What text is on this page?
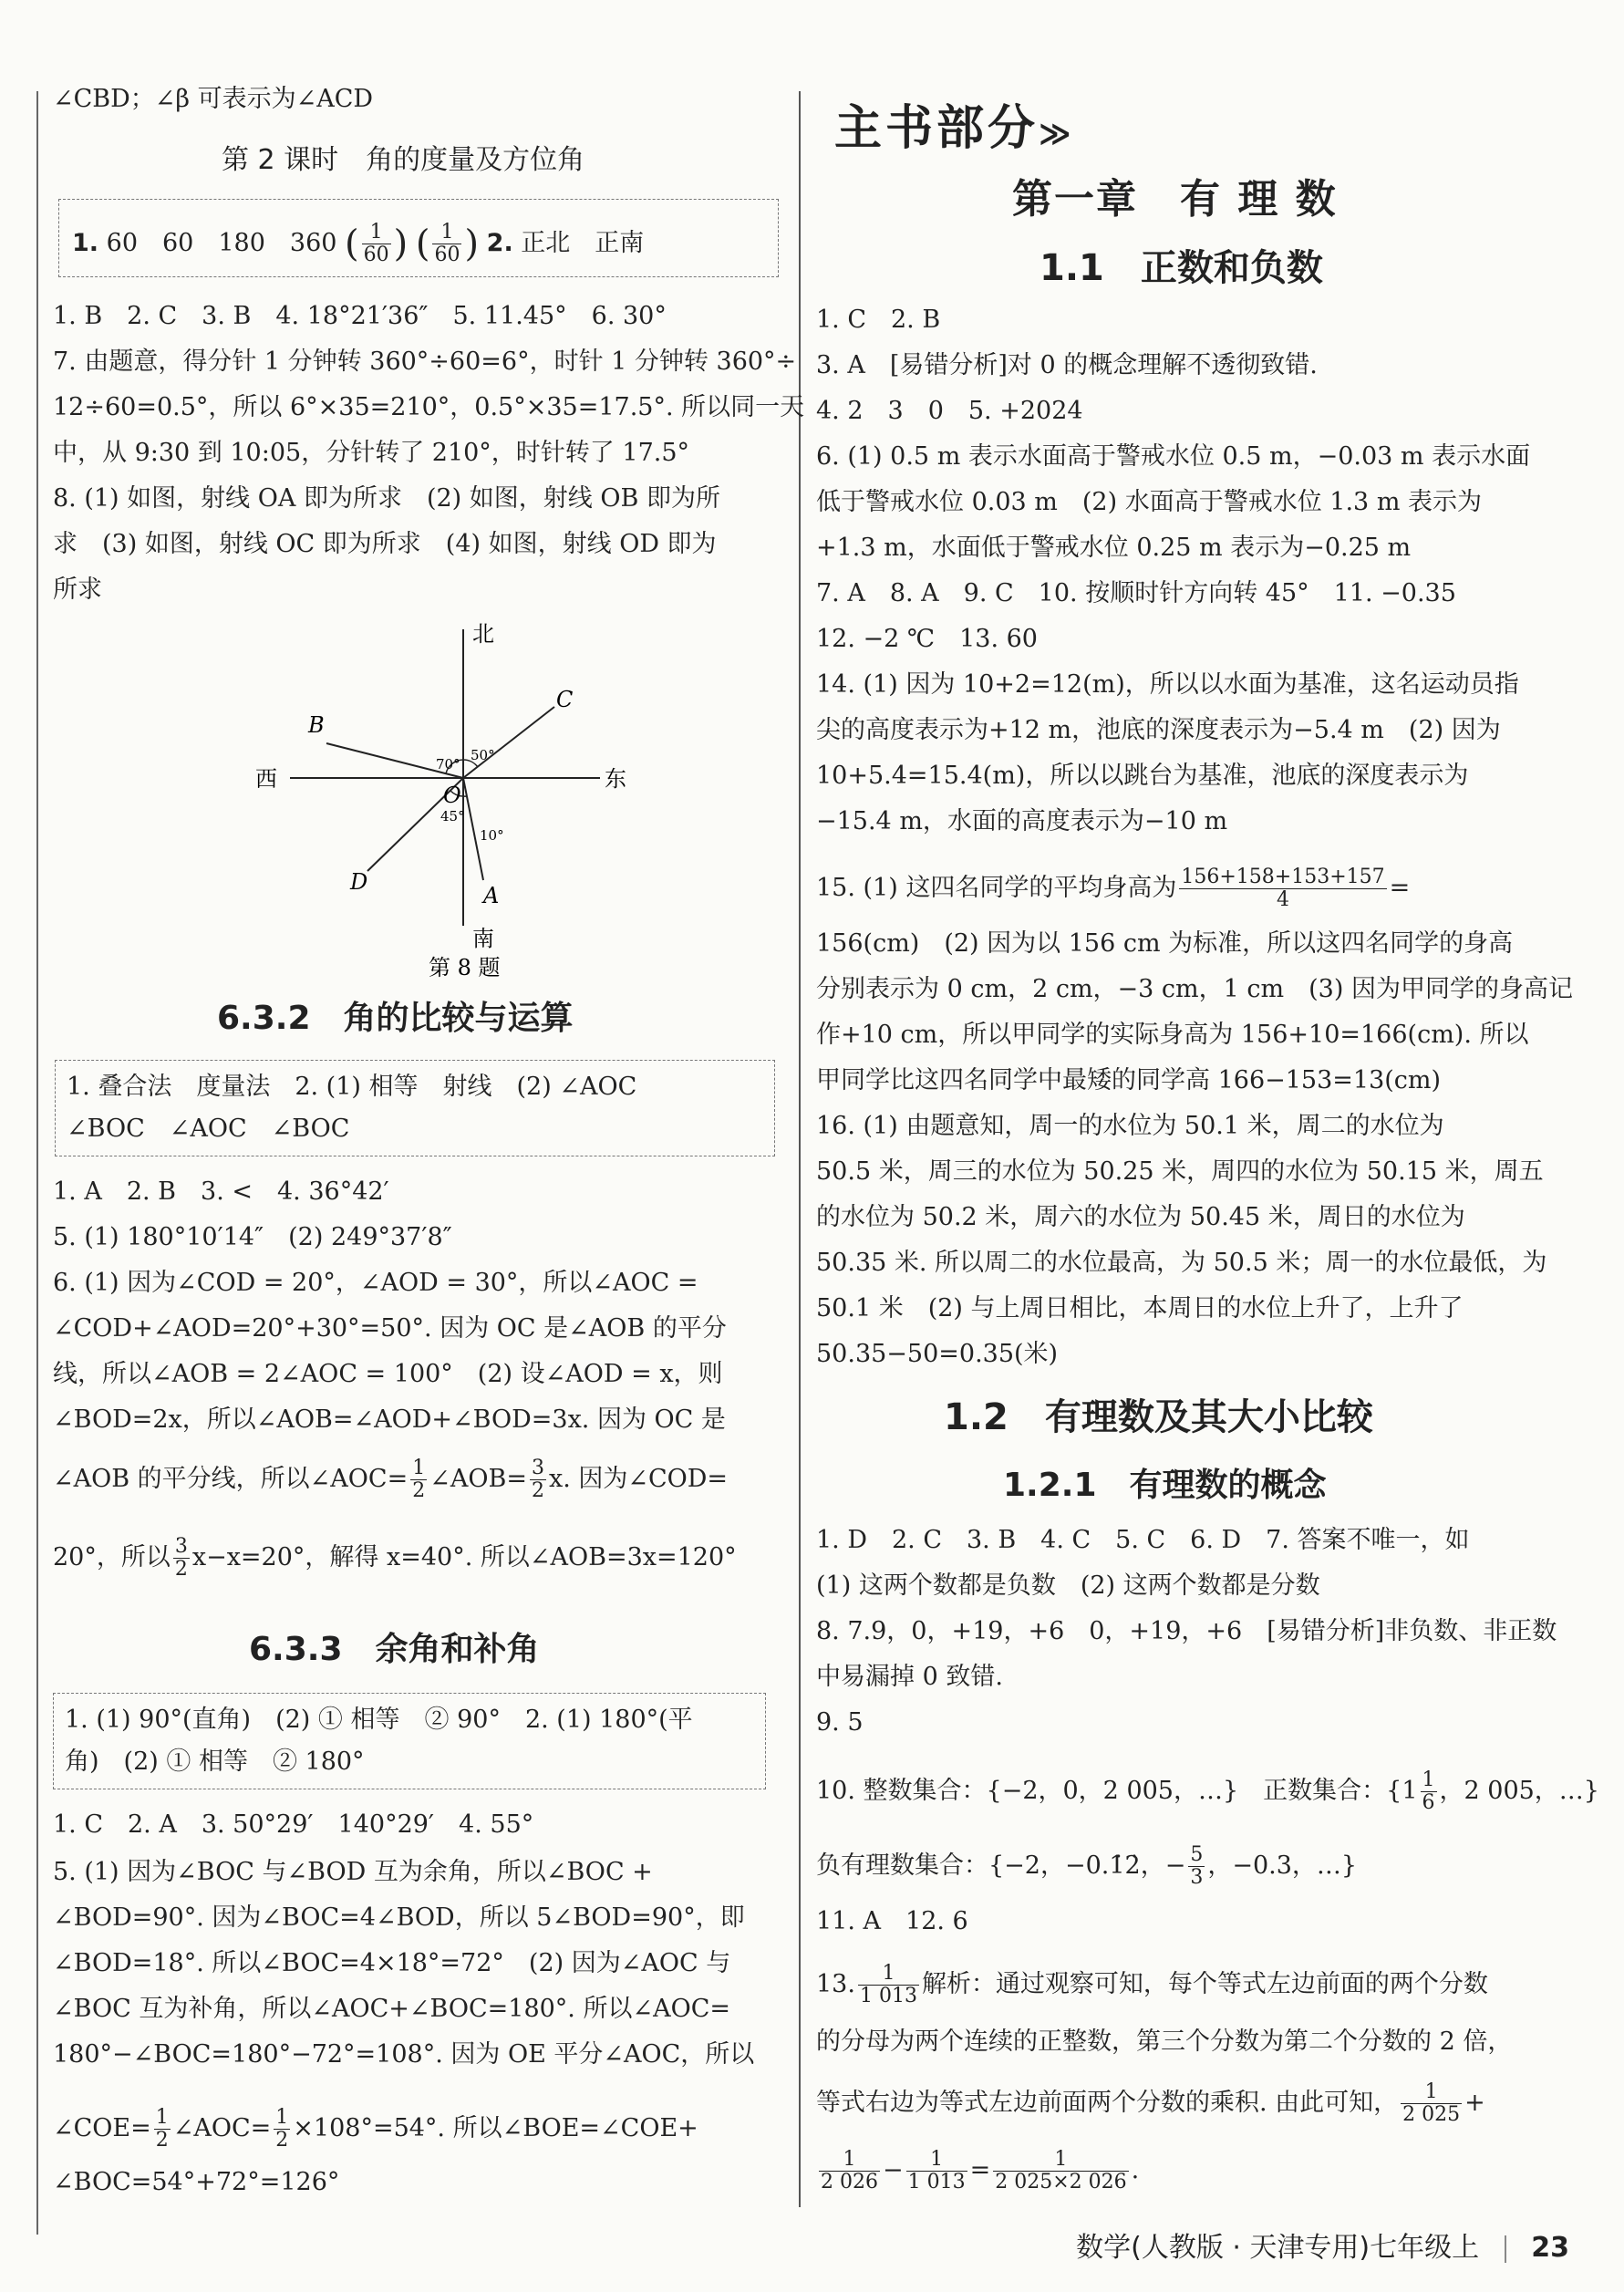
∠CBD；∠β 可表示为∠ACD
第 2 课时　角的度量及方位角
1. 60　60　180　360 ( $\frac{1}{60}$ ) ( $\frac{1}{60}$ ) 2. 正北　正南
1. B　2. C　3. B　4. 18°21′36″　5. 11.45°　6. 30°
7. 由题意，得分针 1 分钟转 360°÷60=6°，时针 1 分钟转 360°÷
12÷60=0.5°，所以 6°×35=210°，0.5°×35=17.5°. 所以同一天
中，从 9:30 到 10:05，分针转了 210°，时针转了 17.5°
8. (1) 如图，射线 OA 即为所求　(2) 如图，射线 OB 即为所
求　(3) 如图，射线 OC 即为所求　(4) 如图，射线 OD 即为
所求
北
南
东
西
C
B
D
A
O
70°
50°
45°
10°
第 8 题
6.3.2　角的比较与运算
1. 叠合法　度量法　2. (1) 相等　射线　(2) ∠AOC
∠BOC　∠AOC　∠BOC
1. A　2. B　3. <　4. 36°42′
5. (1) 180°10′14″　(2) 249°37′8″
6. (1) 因为∠COD = 20°，∠AOD = 30°，所以∠AOC =
∠COD+∠AOD=20°+30°=50°. 因为 OC 是∠AOB 的平分
线，所以∠AOB = 2∠AOC = 100°　(2) 设∠AOD = x，则
∠BOD=2x，所以∠AOB=∠AOD+∠BOD=3x. 因为 OC 是
∠AOB 的平分线，所以∠AOC= $\frac{1}{2}$ ∠AOB= $\frac{3}{2} x$. 因为∠COD=
20°，所以 $\frac{3}{2} x-x=20^\circ$，解得 x=40°. 所以∠AOB=3x=120°
6.3.3　余角和补角
1. (1) 90°(直角)　(2) ① 相等　② 90°　2. (1) 180°(平
角)　(2) ① 相等　② 180°
1. C　2. A　3. 50°29′　140°29′　4. 55°
5. (1) 因为∠BOC 与∠BOD 互为余角，所以∠BOC +
∠BOD=90°. 因为∠BOC=4∠BOD，所以 5∠BOD=90°，即
∠BOD=18°. 所以∠BOC=4×18°=72°　(2) 因为∠AOC 与
∠BOC 互为补角，所以∠AOC+∠BOC=180°. 所以∠AOC=
180°−∠BOC=180°−72°=108°. 因为 OE 平分∠AOC，所以
∠COE= $\frac{1}{2}$ ∠AOC= $\frac{1}{2} \times 108^\circ=54^\circ$. 所以∠BOE=∠COE+
∠BOC=54°+72°=126°
主书部分≫
第一章　有 理 数
1.1　正数和负数
1. C　2. B
3. A　[易错分析]对 0 的概念理解不透彻致错.
4. 2　3　0　5. +2024
6. (1) 0.5 m 表示水面高于警戒水位 0.5 m，−0.03 m 表示水面
低于警戒水位 0.03 m　(2) 水面高于警戒水位 1.3 m 表示为
+1.3 m，水面低于警戒水位 0.25 m 表示为−0.25 m
7. A　8. A　9. C　10. 按顺时针方向转 45°　11. −0.35
12. −2 ℃　13. 60
14. (1) 因为 10+2=12(m)，所以以水面为基准，这名运动员指
尖的高度表示为+12 m，池底的深度表示为−5.4 m　(2) 因为
10+5.4=15.4(m)，所以以跳台为基准，池底的深度表示为
−15.4 m，水面的高度表示为−10 m
15. (1) 这四名同学的平均身高为 $\frac{156+158+153+157}{4}$ =
156(cm)　(2) 因为以 156 cm 为标准，所以这四名同学的身高
分别表示为 0 cm，2 cm，−3 cm，1 cm　(3) 因为甲同学的身高记
作+10 cm，所以甲同学的实际身高为 156+10=166(cm). 所以
甲同学比这四名同学中最矮的同学高 166−153=13(cm)
16. (1) 由题意知，周一的水位为 50.1 米，周二的水位为
50.5 米，周三的水位为 50.25 米，周四的水位为 50.15 米，周五
的水位为 50.2 米，周六的水位为 50.45 米，周日的水位为
50.35 米. 所以周二的水位最高，为 50.5 米；周一的水位最低，为
50.1 米　(2) 与上周日相比，本周日的水位上升了，上升了
50.35−50=0.35(米)
1.2　有理数及其大小比较
1.2.1　有理数的概念
1. D　2. C　3. B　4. C　5. C　6. D　7. 答案不唯一，如
(1) 这两个数都是负数　(2) 这两个数都是分数
8. 7.9，0，+19，+6　0，+19，+6　[易错分析]非负数、非正数
中易漏掉 0 致错.
9. 5
10. 整数集合：{−2，0，2 005，…}　正数集合：{$1 \frac{1}{6}$ ，2 005，…}
负有理数集合：{−2，−0.1̇2̇，− $\frac{5}{3}$ ，−0.3，…}
11. A　12. 6
13. $\frac{1}{1 013}$ 解析：通过观察可知，每个等式左边前面的两个分数
的分母为两个连续的正整数，第三个分数为第二个分数的 2 倍，
等式右边为等式左边前面两个分数的乘积. 由此可知， $\frac{1}{2 025}$ +
$\frac{1}{2 026} - \frac{1}{1 013} = \frac{1}{2 025\times 2 026}$ .
数学(人教版 · 天津专用)七年级上 23
